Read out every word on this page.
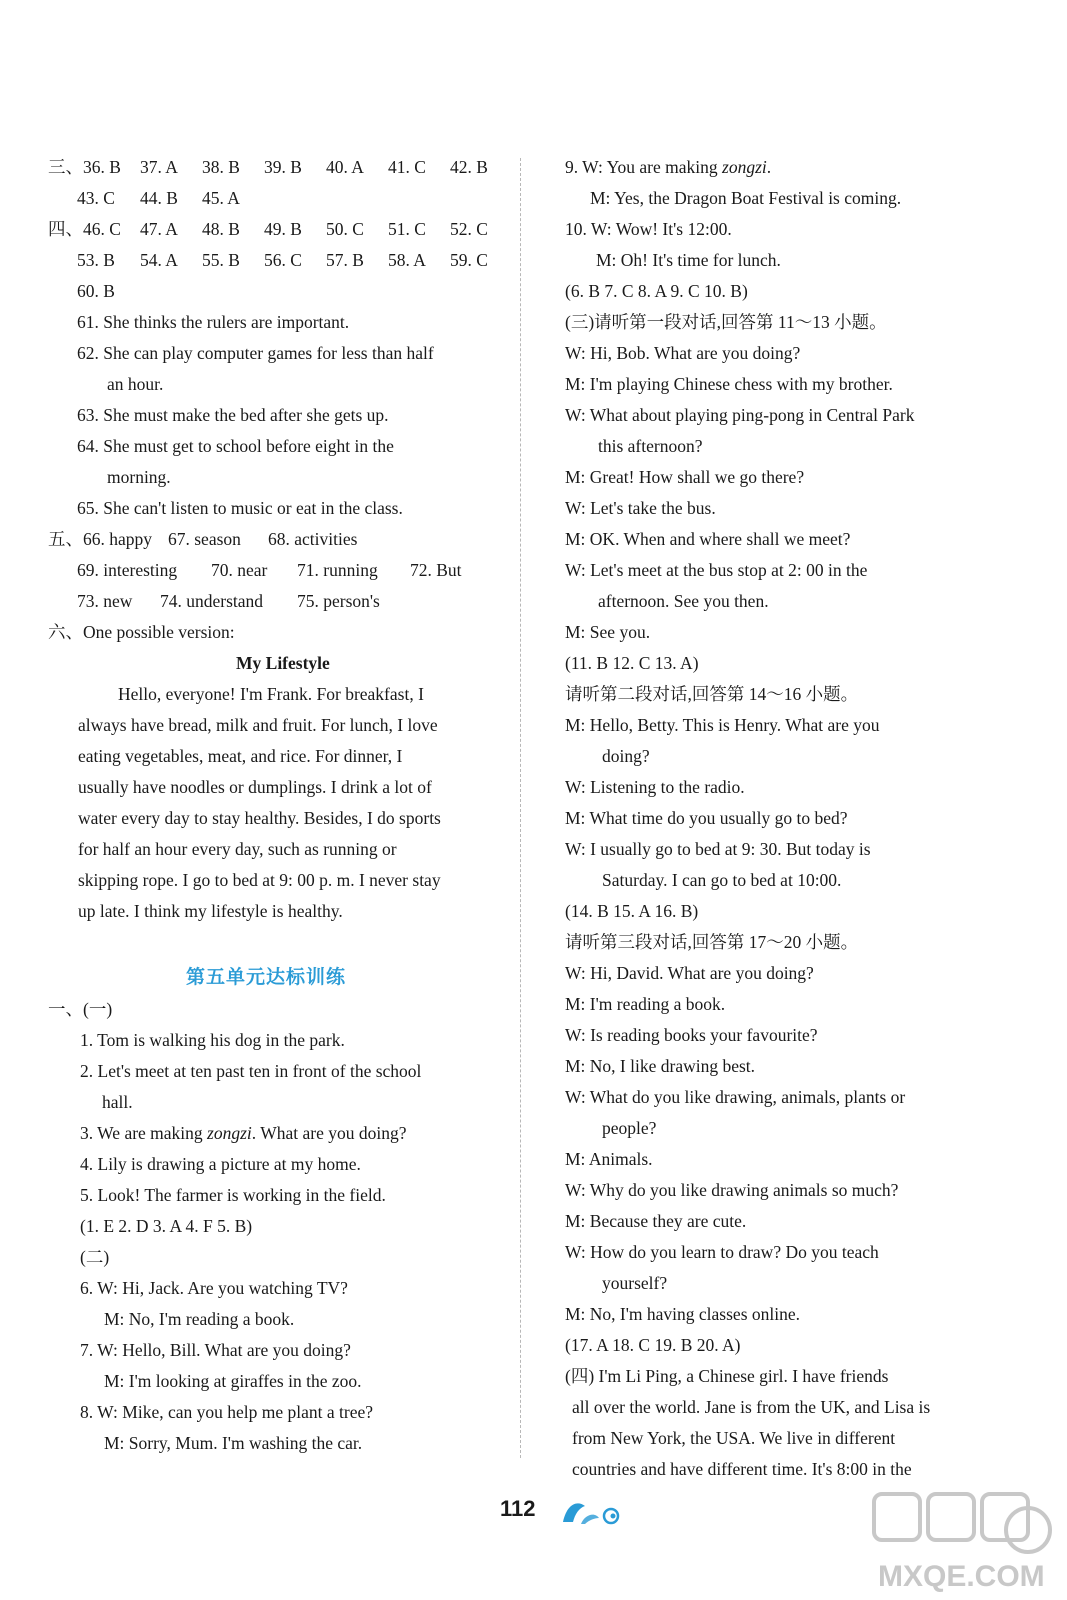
三、36. B 37. A 38. B 39. B 40. A 41. C 42. B
43. C 44. B 45. A
四、46. C 47. A 48. B 49. B 50. C 51. C 52. C
53. B 54. A 55. B 56. C 57. B 58. A 59. C
60. B
61. She thinks the rulers are important.
62. She can play computer games for less than half
an hour.
63. She must make the bed after she gets up.
64. She must get to school before eight in the
morning.
65. She can't listen to music or eat in the class.
五、66. happy 67. season 68. activities
69. interesting 70. near 71. running 72. But
73. new 74. understand 75. person's
六、One possible version:
My Lifestyle
Hello, everyone! I'm Frank. For breakfast, I
always have bread, milk and fruit. For lunch, I love
eating vegetables, meat, and rice. For dinner, I
usually have noodles or dumplings. I drink a lot of
water every day to stay healthy. Besides, I do sports
for half an hour every day, such as running or
skipping rope. I go to bed at 9: 00 p. m. I never stay
up late. I think my lifestyle is healthy.
第五单元达标训练
一、(一)
1. Tom is walking his dog in the park.
2. Let's meet at ten past ten in front of the school
hall.
3. We are making zongzi. What are you doing?
4. Lily is drawing a picture at my home.
5. Look! The farmer is working in the field.
(1. E 2. D 3. A 4. F 5. B)
(二)
6. W: Hi, Jack. Are you watching TV?
M: No, I'm reading a book.
7. W: Hello, Bill. What are you doing?
M: I'm looking at giraffes in the zoo.
8. W: Mike, can you help me plant a tree?
M: Sorry, Mum. I'm washing the car.
9. W: You are making zongzi.
M: Yes, the Dragon Boat Festival is coming.
10. W: Wow! It's 12:00.
M: Oh! It's time for lunch.
(6. B 7. C 8. A 9. C 10. B)
(三)请听第一段对话,回答第 11～13 小题。
W: Hi, Bob. What are you doing?
M: I'm playing Chinese chess with my brother.
W: What about playing ping-pong in Central Park
this afternoon?
M: Great! How shall we go there?
W: Let's take the bus.
M: OK. When and where shall we meet?
W: Let's meet at the bus stop at 2: 00 in the
afternoon. See you then.
M: See you.
(11. B 12. C 13. A)
请听第二段对话,回答第 14～16 小题。
M: Hello, Betty. This is Henry. What are you
doing?
W: Listening to the radio.
M: What time do you usually go to bed?
W: I usually go to bed at 9: 30. But today is
Saturday. I can go to bed at 10:00.
(14. B 15. A 16. B)
请听第三段对话,回答第 17～20 小题。
W: Hi, David. What are you doing?
M: I'm reading a book.
W: Is reading books your favourite?
M: No, I like drawing best.
W: What do you like drawing, animals, plants or
people?
M: Animals.
W: Why do you like drawing animals so much?
M: Because they are cute.
W: How do you learn to draw? Do you teach
yourself?
M: No, I'm having classes online.
(17. A 18. C 19. B 20. A)
(四) I'm Li Ping, a Chinese girl. I have friends
all over the world. Jane is from the UK, and Lisa is
from New York, the USA. We live in different
countries and have different time. It's 8:00 in the
112
MXQE.COM
